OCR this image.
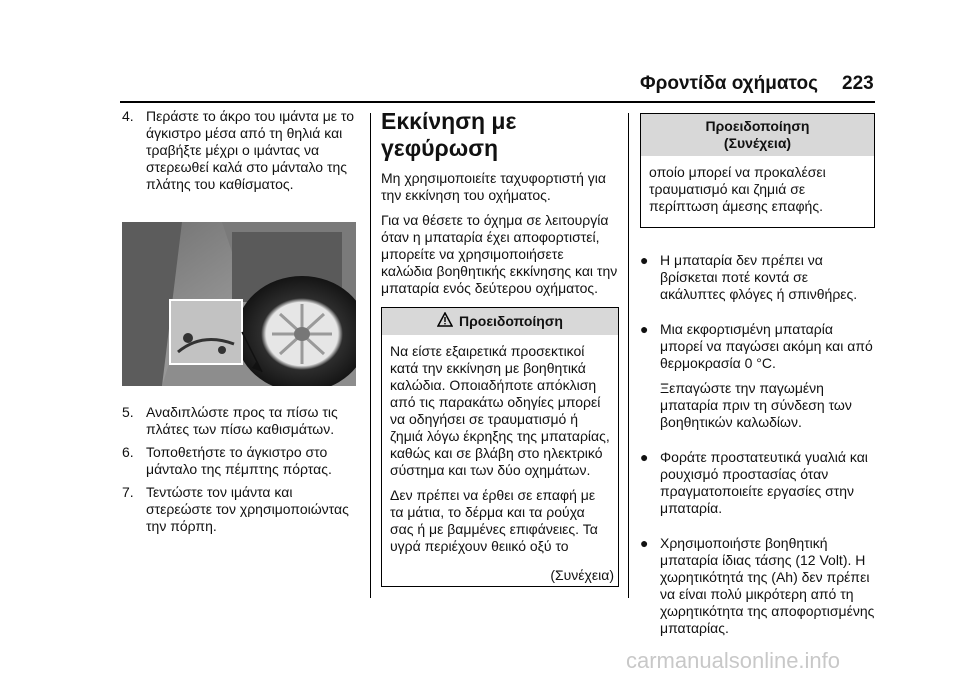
Φροντίδα οχήματος 223
4. Περάστε το άκρο του ιμάντα με το άγκιστρο μέσα από τη θηλιά και τραβήξτε μέχρι ο ιμάντας να στερεωθεί καλά στο μάνταλο της πλάτης του καθίσματος.
5. Αναδιπλώστε προς τα πίσω τις πλάτες των πίσω καθισμάτων.
6. Τοποθετήστε το άγκιστρο στο μάνταλο της πέμπτης πόρτας.
7. Τεντώστε τον ιμάντα και στερεώστε τον χρησιμοποιώντας την πόρπη.
Εκκίνηση με γεφύρωση

Μη χρησιμοποιείτε ταχυφορτιστή για την εκκίνηση του οχήματος.

Για να θέσετε το όχημα σε λειτουργία όταν η μπαταρία έχει αποφορτιστεί, μπορείτε να χρησιμοποιήσετε καλώδια βοηθητικής εκκίνησης και την μπαταρία ενός δεύτερου οχήματος.

Προειδοποίηση

Να είστε εξαιρετικά προσεκτικοί κατά την εκκίνηση με βοηθητικά καλώδια. Οποιαδήποτε απόκλιση από τις παρακάτω οδηγίες μπορεί να οδηγήσει σε τραυματισμό ή ζημιά λόγω έκρηξης της μπαταρίας, καθώς και σε βλάβη στο ηλεκτρικό σύστημα και των δύο οχημάτων.

Δεν πρέπει να έρθει σε επαφή με τα μάτια, το δέρμα και τα ρούχα σας ή με βαμμένες επιφάνειες. Τα υγρά περιέχουν θειικό οξύ το

(Συνέχεια)
Προειδοποίηση
(Συνέχεια)

οποίο μπορεί να προκαλέσει τραυματισμό και ζημιά σε περίπτωση άμεσης επαφής.

● Η μπαταρία δεν πρέπει να βρίσκεται ποτέ κοντά σε ακάλυπτες φλόγες ή σπινθήρες.

● Μια εκφορτισμένη μπαταρία μπορεί να παγώσει ακόμη και από θερμοκρασία 0 °C.

Ξεπαγώστε την παγωμένη μπαταρία πριν τη σύνδεση των βοηθητικών καλωδίων.

● Φοράτε προστατευτικά γυαλιά και ρουχισμό προστασίας όταν πραγματοποιείτε εργασίες στην μπαταρία.

● Χρησιμοποιήστε βοηθητική μπαταρία ίδιας τάσης (12 Volt). Η χωρητικότητά της (Ah) δεν πρέπει να είναι πολύ μικρότερη από τη χωρητικότητα της αποφορτισμένης μπαταρίας.

carmanualsonline.info
